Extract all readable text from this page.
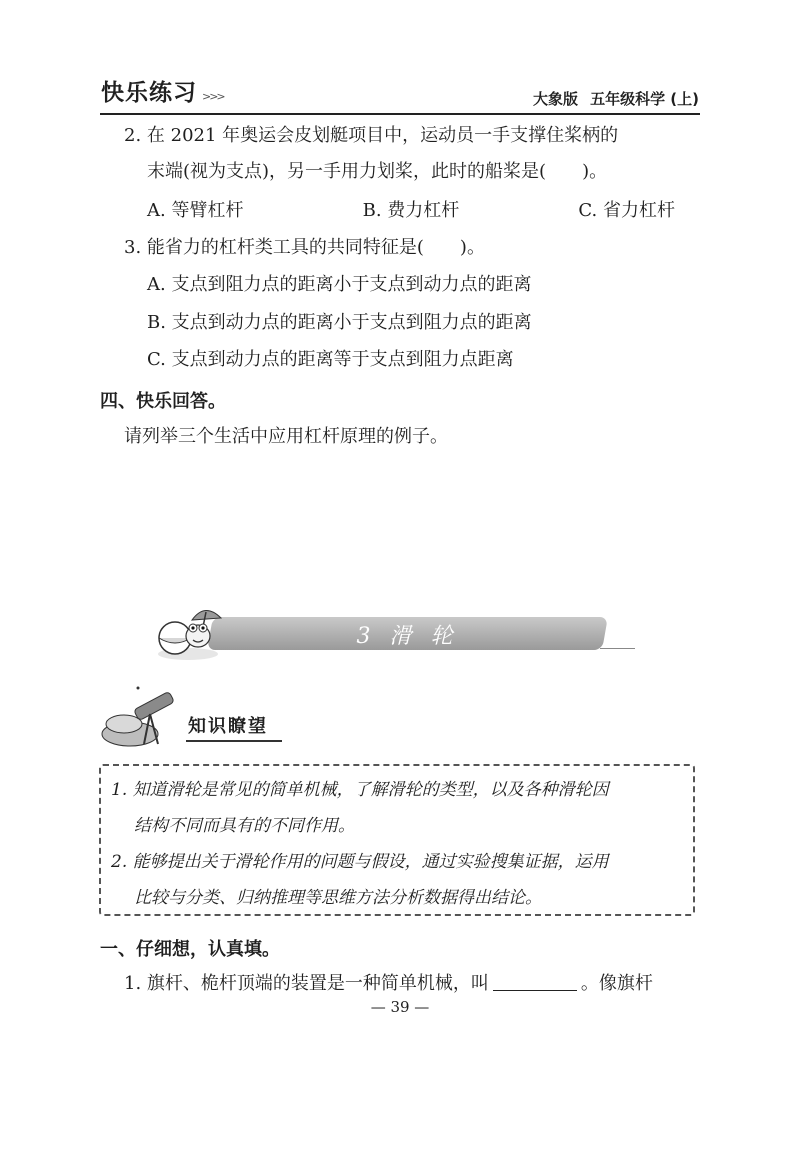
快乐练习 >>>	大象版 五年级科学 (上)
2. 在 2021 年奥运会皮划艇项目中，运动员一手支撑住桨柄的
末端(视为支点)，另一手用力划桨，此时的船桨是(　　)。
A. 等臂杠杆	B. 费力杠杆	C. 省力杠杆
3. 能省力的杠杆类工具的共同特征是(　　)。
A. 支点到阻力点的距离小于支点到动力点的距离
B. 支点到动力点的距离小于支点到阻力点的距离
C. 支点到动力点的距离等于支点到阻力点距离
四、快乐回答。
请列举三个生活中应用杠杆原理的例子。
3 滑 轮
知识瞭望
1. 知道滑轮是常见的简单机械，了解滑轮的类型，以及各种滑轮因
结构不同而具有的不同作用。
2. 能够提出关于滑轮作用的问题与假设，通过实验搜集证据，运用
比较与分类、归纳推理等思维方法分析数据得出结论。
一、仔细想，认真填。
1. 旗杆、桅杆顶端的装置是一种简单机械，叫	。像旗杆
— 39 —
